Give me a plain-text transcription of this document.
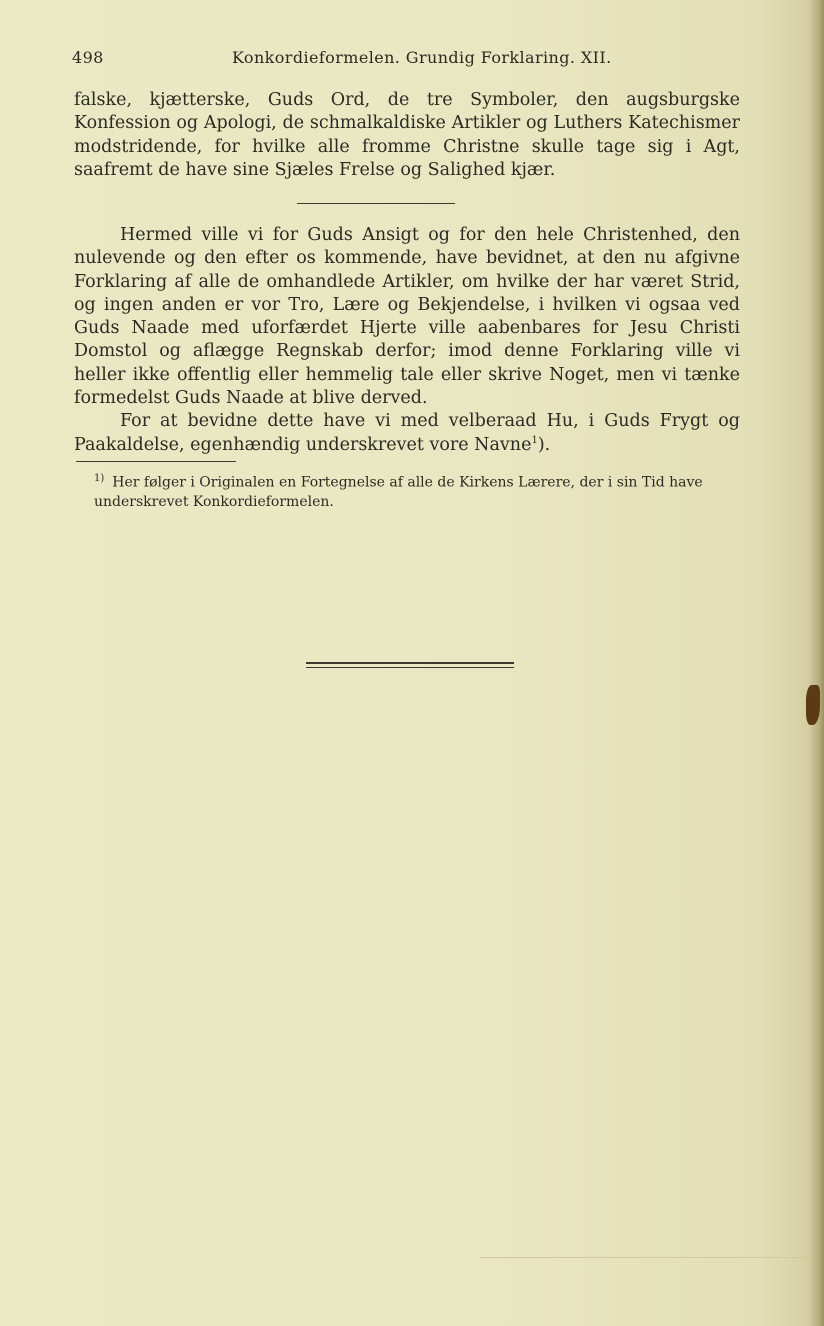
498	Konkordieformelen. Grundig Forklaring. XII.

falske, kjætterske, Guds Ord, de tre Symboler, den augsburgske Konfession og Apologi, de schmalkaldiske Artikler og Luthers Katechismer modstridende, for hvilke alle fromme Christne skulle tage sig i Agt, saafremt de have sine Sjæles Frelse og Salighed kjær.

Hermed ville vi for Guds Ansigt og for den hele Christenhed, den nulevende og den efter os kommende, have bevidnet, at den nu afgivne Forklaring af alle de omhandlede Artikler, om hvilke der har været Strid, og ingen anden er vor Tro, Lære og Bekjendelse, i hvilken vi ogsaa ved Guds Naade med uforfærdet Hjerte ville aabenbares for Jesu Christi Domstol og aflægge Regnskab derfor; imod denne Forklaring ville vi heller ikke offentlig eller hemmelig tale eller skrive Noget, men vi tænke formedelst Guds Naade at blive derved.

For at bevidne dette have vi med velberaad Hu, i Guds Frygt og Paakaldelse, egenhændig underskrevet vore Navne$^1$).

$^{1)}$ Her følger i Originalen en Fortegnelse af alle de Kirkens Lærere, der i sin Tid have underskrevet Konkordieformelen.
